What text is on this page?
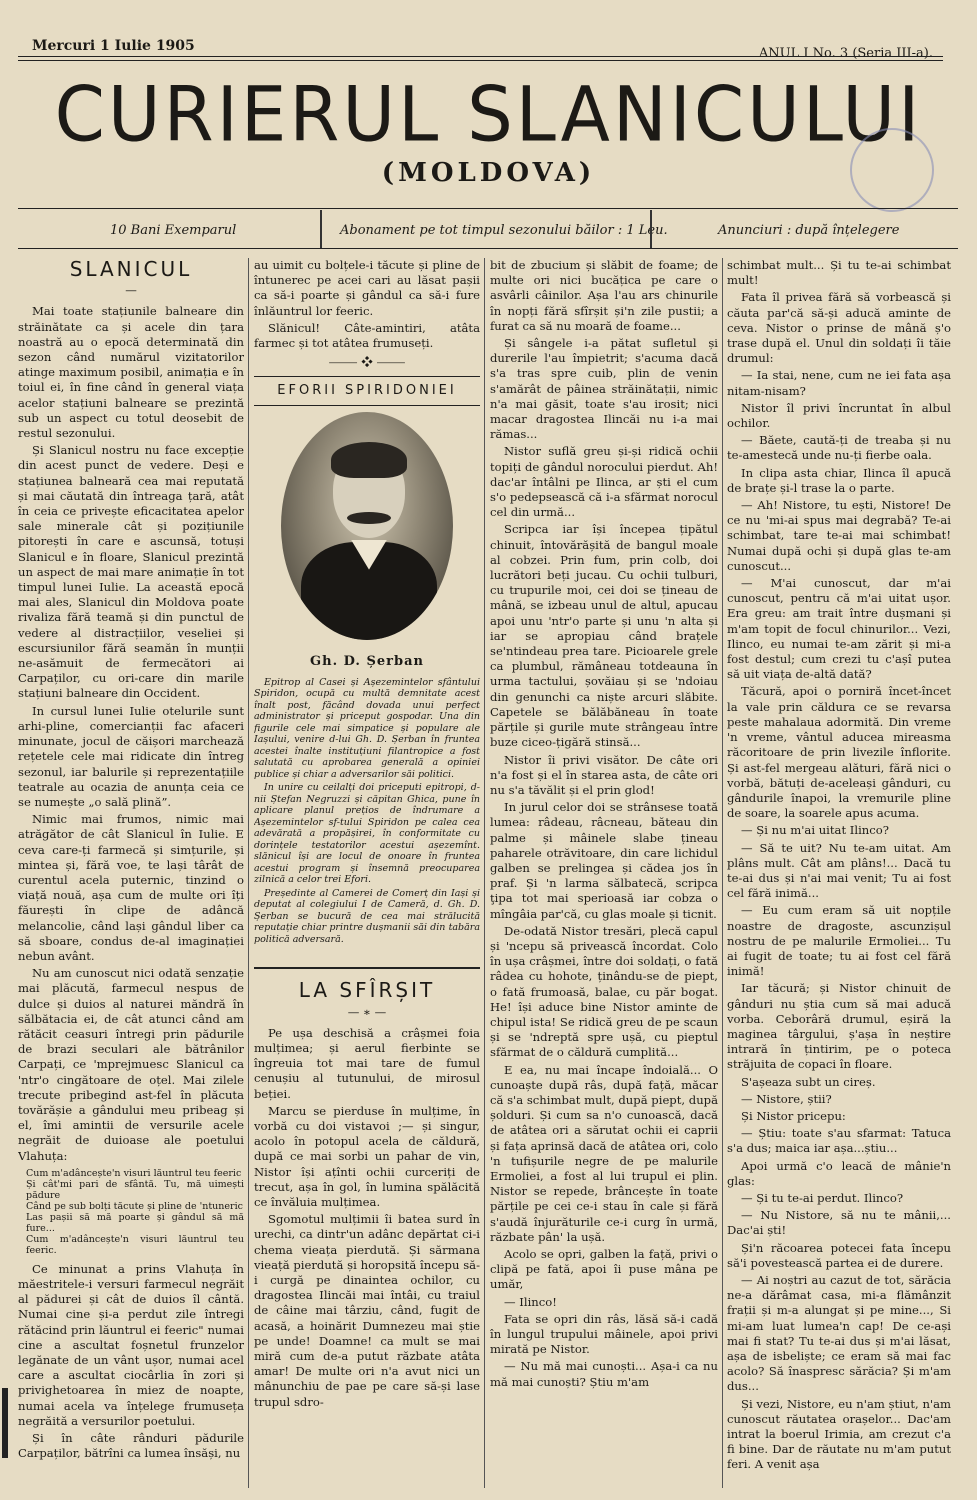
Mercuri 1 Iulie 1905	ANUL I No. 3 (Seria III-a).
CURIERUL SLANICULUI
(MOLDOVA)
10 Bani Exemparul	Abonament pe tot timpul sezonului băilor : 1 Leu.	Anunciuri : după înțelegere
SLANICUL
—

Mai toate stațiunile balneare din străinătate ca și acele din țara noastră au o epocă determinată din sezon când numărul vizitatorilor atinge maximum posibil, animația e în toiul ei, în fine când în general viața acelor stațiuni balneare se prezintă sub un aspect cu totul deosebit de restul sezonului.

Și Slanicul nostru nu face excepție din acest punct de vedere. Deși e stațiunea balneară cea mai reputată și mai căutată din întreaga țară, atât în ceia ce privește eficacitatea apelor sale minerale cât și pozițiunile pitorești în care e ascunsă, totuși Slanicul e în floare, Slanicul prezintă un aspect de mai mare animație în tot timpul lunei Iulie. La această epocă mai ales, Slanicul din Moldova poate rivaliza fără teamă și din punctul de vedere al distracțiilor, veseliei și escursiunilor fără seamăn în munții ne-asămuit de fermecători ai Carpaților, cu ori-care din marile stațiuni balneare din Occident.

In cursul lunei Iulie otelurile sunt arhi-pline, comercianții fac afaceri minunate, jocul de căișori marchează rețetele cele mai ridicate din întreg sezonul, iar balurile și reprezentațiile teatrale au ocazia de anunța ceia ce se numește „o sală plină”.

Nimic mai frumos, nimic mai atrăgător de cât Slanicul în Iulie. E ceva care-ți farmecă și simțurile, și mintea și, fără voe, te lași târât de curentul acela puternic, tinzind o viață nouă, așa cum de multe ori îți făurești în clipe de adâncă melancolie, când lași gândul liber ca să sboare, condus de-al imaginației nebun avânt.

Nu am cunoscut nici odată senzație mai plăcută, farmecul nespus de dulce și duios al naturei măndră în sălbătacia ei, de cât atunci când am rătăcit ceasuri întregi prin pădurile de brazi seculari ale bătrânilor Carpați, ce 'mprejmuesc Slanicul ca 'ntr'o cingătoare de oțel. Mai zilele trecute pribegind ast-fel în plăcuta tovărășie a gândului meu pribeag și el, îmi amintii de versurile acele negrăit de duioase ale poetului Vlahuța:

Cum m'adâncește'n visuri lăuntrul teu feeric
Și cât'mi pari de sfântă. Tu, mă uimești pădure
Când pe sub bolți tăcute și pline de 'ntuneric
Las pașii să mă poarte și gândul să mă fure...
Cum m'adâncește'n visuri lăuntrul teu feeric.

Ce minunat a prins Vlahuța în măestritele-i versuri farmecul negrăit al pădurei și cât de duios îl cântă. Numai cine și-a perdut zile întregi rătăcind prin lăuntrul ei feeric" numai cine a ascultat foșnetul frunzelor legănate de un vânt ușor, numai acel care a ascultat ciocârlia în zori și privighetoarea în miez de noapte, numai acela va înțelege frumuseța negrăită a versurilor poetului.

Și în câte rânduri pădurile Carpaților, bătrîni ca lumea însăși, nu

au uimit cu bolțele-i tăcute și pline de întunerec pe acei cari au lăsat pașii ca să-i poarte și gândul ca să-i fure înlăuntrul lor feeric.

Slănicul! Câte-amintiri, atâta farmec și tot atâtea frumuseți.

⸻ ❖ ⸻
EFORII SPIRIDONIEI
Gh. D. Șerban

Epitrop al Casei și Așezemintelor sfântului Spiridon, ocupă cu multă demnitate acest înalt post, făcând dovada unui perfect administrator și priceput gospodar. Una din figurile cele mai simpatice și populare ale Iașului, venire d-lui Gh. D. Șerban în fruntea acestei înalte instituțiuni filantropice a fost salutată cu aprobarea generală a opiniei publice și chiar a adversarilor săi politici.

In unire cu ceilalți doi priceputi epitropi, d-nii Ștefan Negruzzi și căpitan Ghica, pune în aplicare planul prețios de îndrumare a Așezemintelor sf-tului Spiridon pe calea cea adevărată a propășirei, în conformitate cu dorințele testatorilor acestui așezemînt. slănicul își are locul de onoare în fruntea acestui program și însemnă preocuparea zilnică a celor trei Efori.

Președinte al Camerei de Comerț din Iași și deputat al colegiului I de Cameră, d. Gh. D. Șerban se bucură de cea mai strălucită reputație chiar printre dușmanii săi din tabăra politică adversară.

LA SFÎRȘIT
— ∗ —

Pe ușa deschisă a crâșmei foia mulțimea; și aerul fierbinte se îngreuia tot mai tare de fumul cenușiu al tutunului, de mirosul beției.

Marcu se pierduse în mulțime, în vorbă cu doi vistavoi ;— și singur, acolo în potopul acela de căldură, după ce mai sorbi un pahar de vin, Nistor își ațînti ochii curceriți de trecut, așa în gol, în lumina spălăcită ce învăluia mulțimea.

Sgomotul mulțimii îi batea surd în urechi, ca dintr'un adânc depărtat ci-i chema vieața pierdută. Și sărmana vieață pierdută și horopsită începu să-i curgă pe dinaintea ochilor, cu dragostea Ilincăi mai întâi, cu traiul de câine mai târziu, când, fugit de acasă, a hoinărit Dumnezeu mai știe pe unde! Doamne! ca mult se mai miră cum de-a putut răzbate atâta amar! De multe ori n'a avut nici un mânunchiu de pae pe care să-și lase trupul sdro-

bit de zbucium și slăbit de foame; de multe ori nici bucățica pe care o asvârli câinilor. Așa l'au ars chinurile în nopți fără sfîrșit și'n zile pustii; a furat ca să nu moară de foame...

Și sângele i-a pătat sufletul și durerile l'au împietrit; s'acuma dacă s'a tras spre cuib, plin de venin s'amărât de pâinea străinătații, nimic n'a mai găsit, toate s'au irosit; nici macar dragostea Ilincăi nu i-a mai rămas...

Nistor suflă greu și-și ridică ochii topiți de gândul norocului pierdut. Ah! dac'ar întâlni pe Ilinca, ar ști el cum s'o pedepsească că i-a sfărmat norocul cel din urmă...

Scripca iar își începea țipătul chinuit, întovărășită de bangul moale al cobzei. Prin fum, prin colb, doi lucrători beți jucau. Cu ochii tulburi, cu trupurile moi, cei doi se țineau de mână, se izbeau unul de altul, apucau apoi unu 'ntr'o parte și unu 'n alta și iar se apropiau când brațele se'ntindeau prea tare. Picioarele grele ca plumbul, rămâneau totdeauna în urma tactului, șovăiau și se 'ndoiau din genunchi ca niște arcuri slăbite. Capetele se bălăbăneau în toate părțile și gurile mute strângeau între buze ciceo-țigără stinsă...

Nistor îi privi visător. De câte ori n'a fost și el în starea asta, de câte ori nu s'a tăvălit și el prin glod!

In jurul celor doi se strânsese toată lumea: râdeau, râcneau, băteau din palme și mâinele slabe țineau paharele otrăvitoare, din care lichidul galben se prelingea și cădea jos în praf. Și 'n larma sălbatecă, scripca ţipa tot mai sperioasă iar cobza o mîngâia par'că, cu glas moale și ticnit.

De-odată Nistor tresări, plecă capul și 'ncepu să privească încordat. Colo în ușa crâșmei, între doi soldați, o fată râdea cu hohote, ținându-se de piept, o fată frumoasă, balae, cu păr bogat. He! își aduce bine Nistor aminte de chipul ista! Se ridică greu de pe scaun și se 'ndreptă spre ușă, cu pieptul sfărmat de o căldură cumplită...

E ea, nu mai încape îndoială... O cunoaște după râs, după față, măcar că s'a schimbat mult, după piept, după șolduri. Și cum sa n'o cunoască, dacă de atâtea ori a sărutat ochii ei caprii și fața aprinsă dacă de atâtea ori, colo 'n tufișurile negre de pe malurile Ermoliei, a fost al lui trupul ei plin. Nistor se repede, brâncește în toate părțile pe cei ce-i stau în cale și fără s'audă înjurăturile ce-i curg în urmă, răzbate pân' la ușă.

Acolo se opri, galben la față, privi o clipă pe fată, apoi îi puse mâna pe umăr,

— Ilinco!

Fata se opri din râs, lăsă să-i cadă în lungul trupului mâinele, apoi privi mirată pe Nistor.

— Nu mă mai cunoști... Așa-i ca nu mă mai cunoști? Știu m'am

schimbat mult... Și tu te-ai schimbat mult!

Fata îl privea fără să vorbească și căuta par'că să-și aducă aminte de ceva. Nistor o prinse de mână ș'o trase după el. Unul din soldați îi tăie drumul:

— Ia stai, nene, cum ne iei fata așa nitam-nisam?

Nistor îl privi încruntat în albul ochilor.

— Băete, caută-ți de treaba și nu te-amestecă unde nu-ți fierbe oala.

In clipa asta chiar, Ilinca îl apucă de brațe și-l trase la o parte.

— Ah! Nistore, tu ești, Nistore! De ce nu 'mi-ai spus mai degrabă? Te-ai schimbat, tare te-ai mai schimbat! Numai după ochi și după glas te-am cunoscut...

— M'ai cunoscut, dar m'ai cunoscut, pentru că m'ai uitat ușor. Era greu: am trait între dușmani și m'am topit de focul chinurilor... Vezi, Ilinco, eu numai te-am zărit și mi-a fost destul; cum crezi tu c'așî putea să uit viața de-altă dată?

Tăcură, apoi o porniră încet-încet la vale prin căldura ce se revarsa peste mahalaua adormită. Din vreme 'n vreme, vântul aducea mireasma răcoritoare de prin livezile înflorite. Și ast-fel mergeau alături, fără nici o vorbă, bătuți de-aceleași gânduri, cu gândurile înapoi, la vremurile pline de soare, la soarele apus acuma.

— Și nu m'ai uitat Ilinco?

— Să te uit? Nu te-am uitat. Am plâns mult. Cât am plâns!... Dacă tu te-ai dus și n'ai mai venit; Tu ai fost cel fără inimă...

— Eu cum eram să uit nopțile noastre de dragoste, ascunzișul nostru de pe malurile Ermoliei... Tu ai fugit de toate; tu ai fost cel fără inimă!

Iar tăcură; și Nistor chinuit de gânduri nu știa cum să mai aducă vorba. Ceborâră drumul, eșiră la maginea târgului, ș'așa în neștire intrară în țintirim, pe o poteca străjuita de copaci în floare.

S'așeaza subt un cireș.

— Nistore, știi?

Și Nistor pricepu:

— Știu: toate s'au sfarmat: Tatuca s'a dus; maica iar așa...știu...

Apoi urmă c'o leacă de mânie'n glas:

— Și tu te-ai perdut. Ilinco?

— Nu Nistore, să nu te mânii,... Dac'ai ști!

Și'n răcoarea potecei fata începu să'i povestească partea ei de durere.

— Ai noștri au cazut de tot, sărăcia ne-a dărâmat casa, mi-a flămânzit frații și m-a alungat și pe mine..., Si mi-am luat lumea'n cap! De ce-ași mai fi stat? Tu te-ai dus și m'ai lăsat, așa de isbeliște; ce eram să mai fac acolo? Să înaspresc sărăcia? Și m'am dus...

Și vezi, Nistore, eu n'am știut, n'am cunoscut răutatea orașelor... Dac'am intrat la boerul Irimia, am crezut c'a fi bine. Dar de răutate nu m'am putut feri. A venit așa
